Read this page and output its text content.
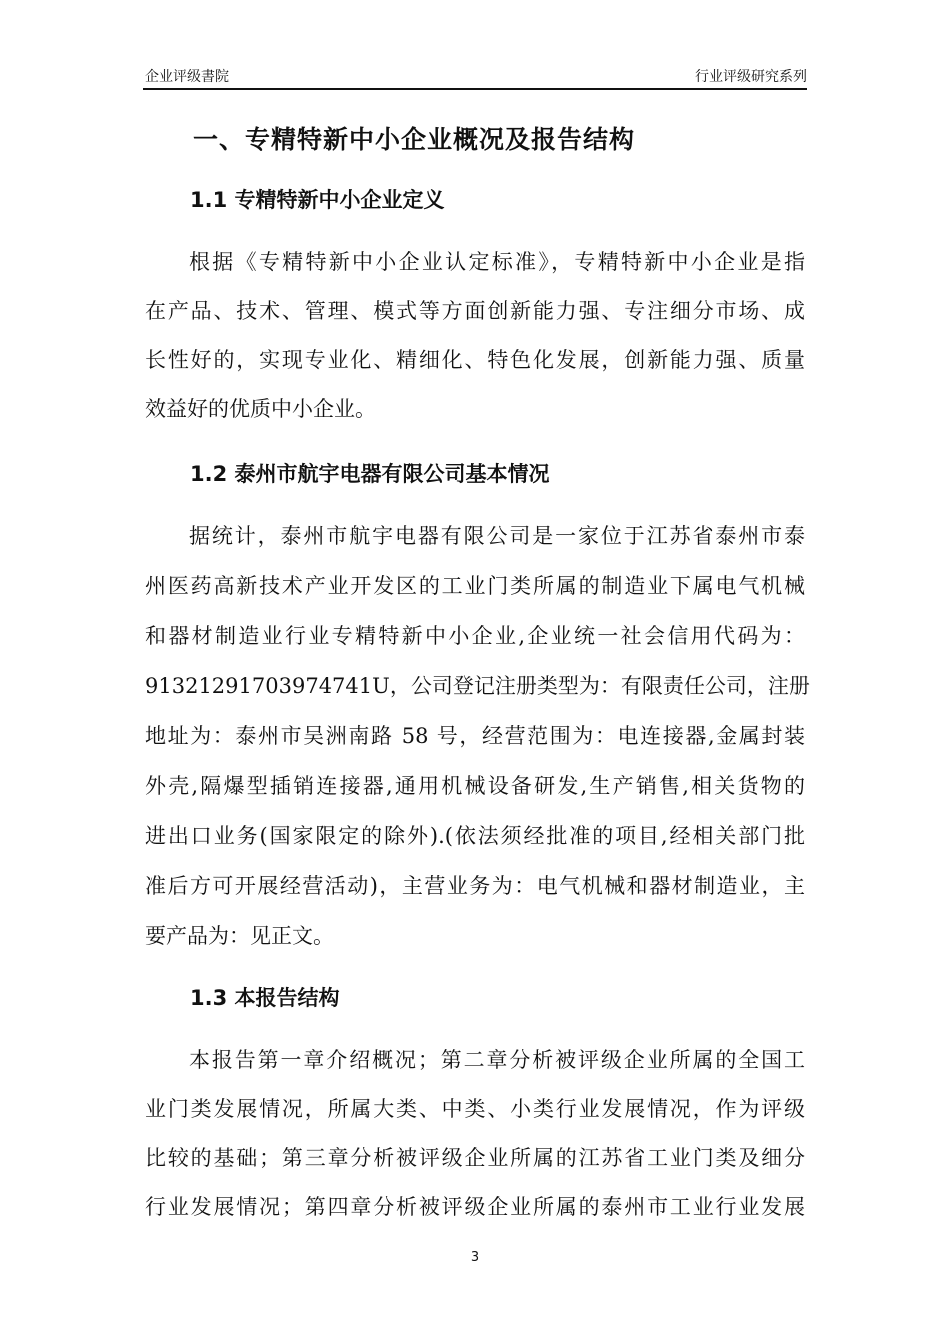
企业评级書院	行业评级研究系列
一、专精特新中小企业概况及报告结构
1.1 专精特新中小企业定义
根据《专精特新中小企业认定标准》，专精特新中小企业是指
在产品、技术、管理、模式等方面创新能力强、专注细分市场、成
长性好的，实现专业化、精细化、特色化发展，创新能力强、质量
效益好的优质中小企业。
1.2 泰州市航宇电器有限公司基本情况
据统计，泰州市航宇电器有限公司是一家位于江苏省泰州市泰
州医药高新技术产业开发区的工业门类所属的制造业下属电气机械
和器材制造业行业专精特新中小企业,企业统一社会信用代码为：
91321291703974741U，公司登记注册类型为：有限责任公司，注册
地址为：泰州市吴洲南路 58 号，经营范围为：电连接器,金属封装
外壳,隔爆型插销连接器,通用机械设备研发,生产销售,相关货物的
进出口业务(国家限定的除外).(依法须经批准的项目,经相关部门批
准后方可开展经营活动)，主营业务为：电气机械和器材制造业，主
要产品为：见正文。
1.3 本报告结构
本报告第一章介绍概况；第二章分析被评级企业所属的全国工
业门类发展情况，所属大类、中类、小类行业发展情况，作为评级
比较的基础；第三章分析被评级企业所属的江苏省工业门类及细分
行业发展情况；第四章分析被评级企业所属的泰州市工业行业发展
3
